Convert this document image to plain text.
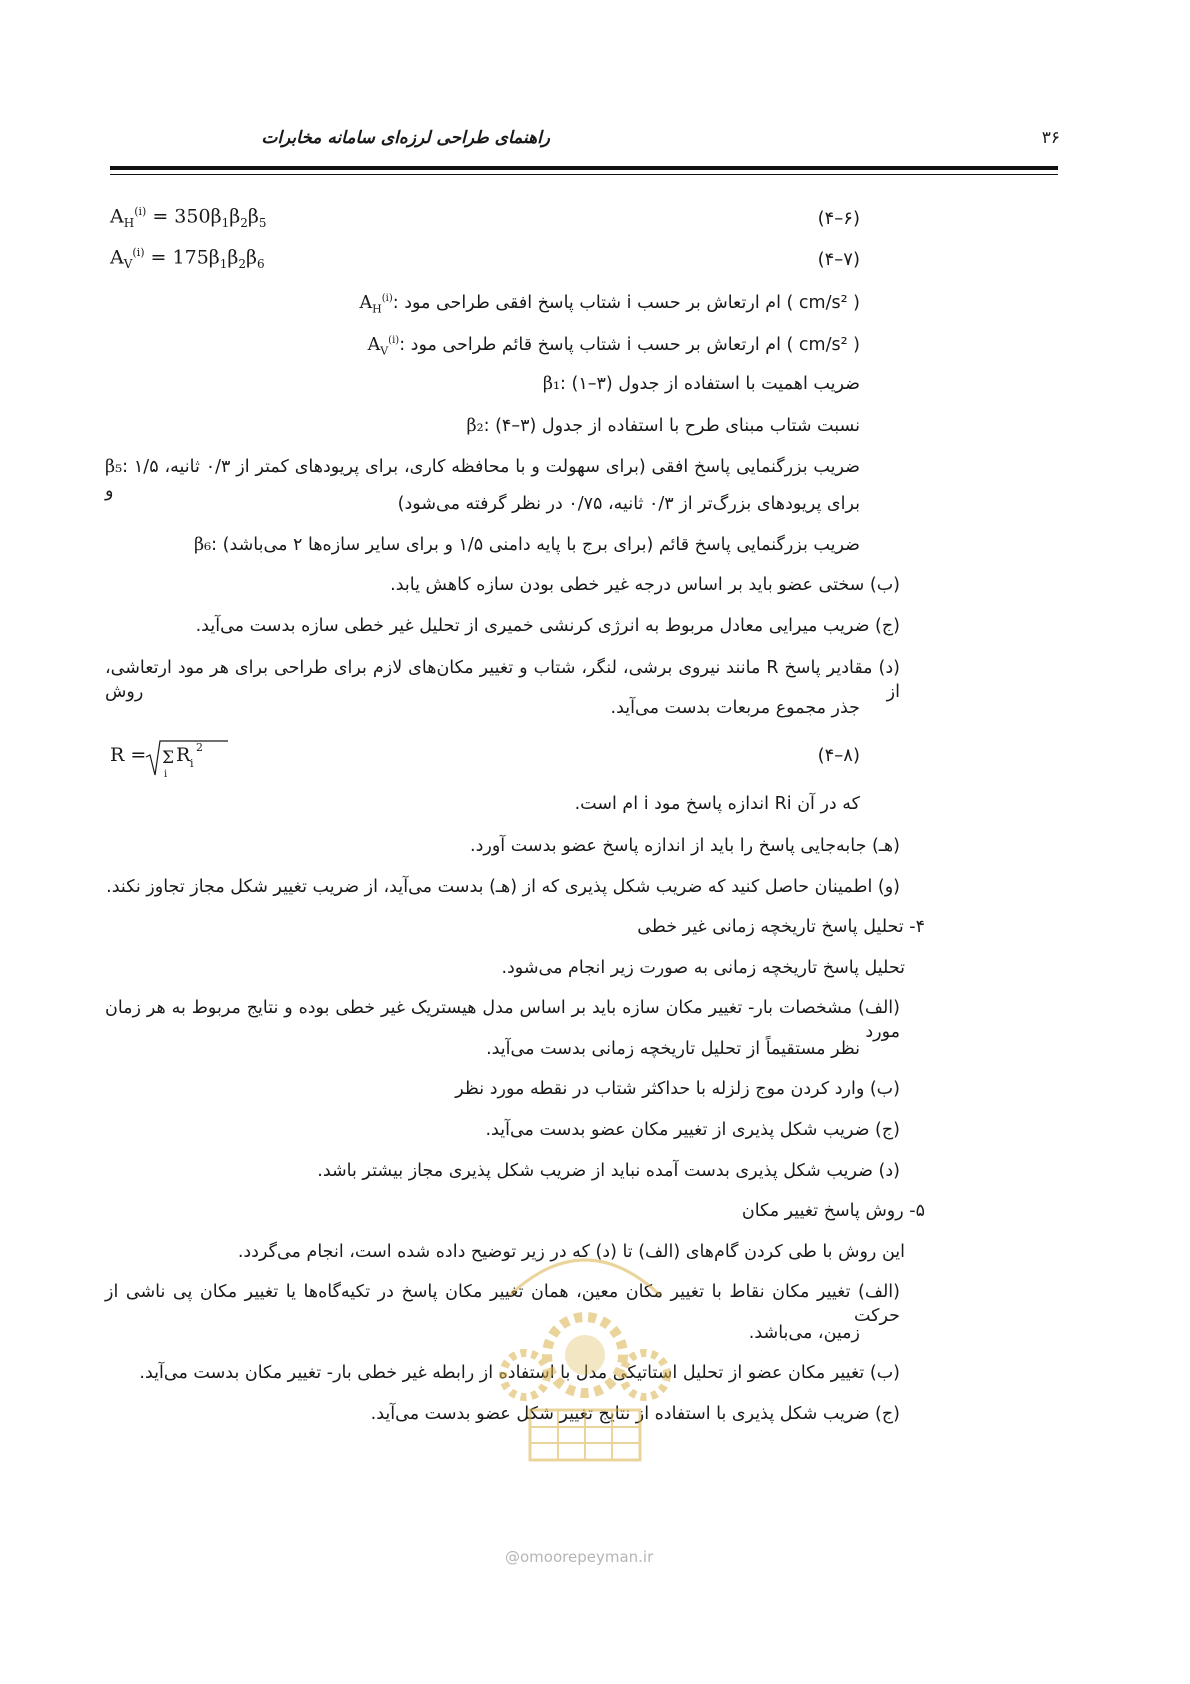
راهنمای طراحی لرزه‌ای سامانه مخابرات	۳۶
$A_H^{(i)} = 350\beta_1\beta_2\beta_5$	(۶–۴)
$A_V^{(i)} = 175\beta_1\beta_2\beta_6$	(۷–۴)
$A_H^{(i)}$: شتاب پاسخ افقی طراحی مود i ام ارتعاش بر حسب ( cm/s² )
$A_V^{(i)}$: شتاب پاسخ قائم طراحی مود i ام ارتعاش بر حسب ( cm/s² )
β₁: ضریب اهمیت با استفاده از جدول (۳–۱)
β₂: نسبت شتاب مبنای طرح با استفاده از جدول (۳–۴)
β₅: ضریب بزرگنمایی پاسخ افقی (برای سهولت و با محافظه کاری، برای پریودهای کمتر از ۰/۳ ثانیه، ۱/۵ و
برای پریودهای بزرگ‌تر از ۰/۳ ثانیه، ۰/۷۵ در نظر گرفته می‌شود)
β₆: ضریب بزرگنمایی پاسخ قائم (برای برج با پایه دامنی ۱/۵ و برای سایر سازه‌ها ۲ می‌باشد)
(ب) سختی عضو باید بر اساس درجه غیر خطی بودن سازه کاهش یابد.
(ج) ضریب میرایی معادل مربوط به انرژی کرنشی خمیری از تحلیل غیر خطی سازه بدست می‌آید.
(د) مقادیر پاسخ R مانند نیروی برشی، لنگر، شتاب و تغییر مکان‌های لازم برای طراحی برای هر مود ارتعاشی، از روش
جذر مجموع مربعات بدست می‌آید.
R = Σ
i
R i
2	(۸–۴)
که در آن Ri اندازه پاسخ مود i ام است.
(هـ) جابه‌جایی پاسخ را باید از اندازه پاسخ عضو بدست آورد.
(و) اطمینان حاصل کنید که ضریب شکل پذیری که از (هـ) بدست می‌آید، از ضریب تغییر شکل مجاز تجاوز نکند.
۴- تحلیل پاسخ تاریخچه زمانی غیر خطی
تحلیل پاسخ تاریخچه زمانی به صورت زیر انجام می‌شود.
(الف) مشخصات بار- تغییر مکان سازه باید بر اساس مدل هیستریک غیر خطی بوده و نتایج مربوط به هر زمان مورد
نظر مستقیماً از تحلیل تاریخچه زمانی بدست می‌آید.
(ب) وارد کردن موج زلزله با حداکثر شتاب در نقطه مورد نظر
(ج) ضریب شکل پذیری از تغییر مکان عضو بدست می‌آید.
(د) ضریب شکل پذیری بدست آمده نباید از ضریب شکل پذیری مجاز بیشتر باشد.
۵- روش پاسخ تغییر مکان
این روش با طی کردن گام‌های (الف) تا (د) که در زیر توضیح داده شده است، انجام می‌گردد.
(الف) تغییر مکان نقاط با تغییر مکان معین، همان تغییر مکان پاسخ در تکیه‌گاه‌ها یا تغییر مکان پی ناشی از حرکت
زمین، می‌باشد.
(ب) تغییر مکان عضو از تحلیل استاتیکی مدل با استفاده از رابطه غیر خطی بار- تغییر مکان بدست می‌آید.
(ج) ضریب شکل پذیری با استفاده از نتایج تغییر شکل عضو بدست می‌آید.
@omoorepeyman.ir
